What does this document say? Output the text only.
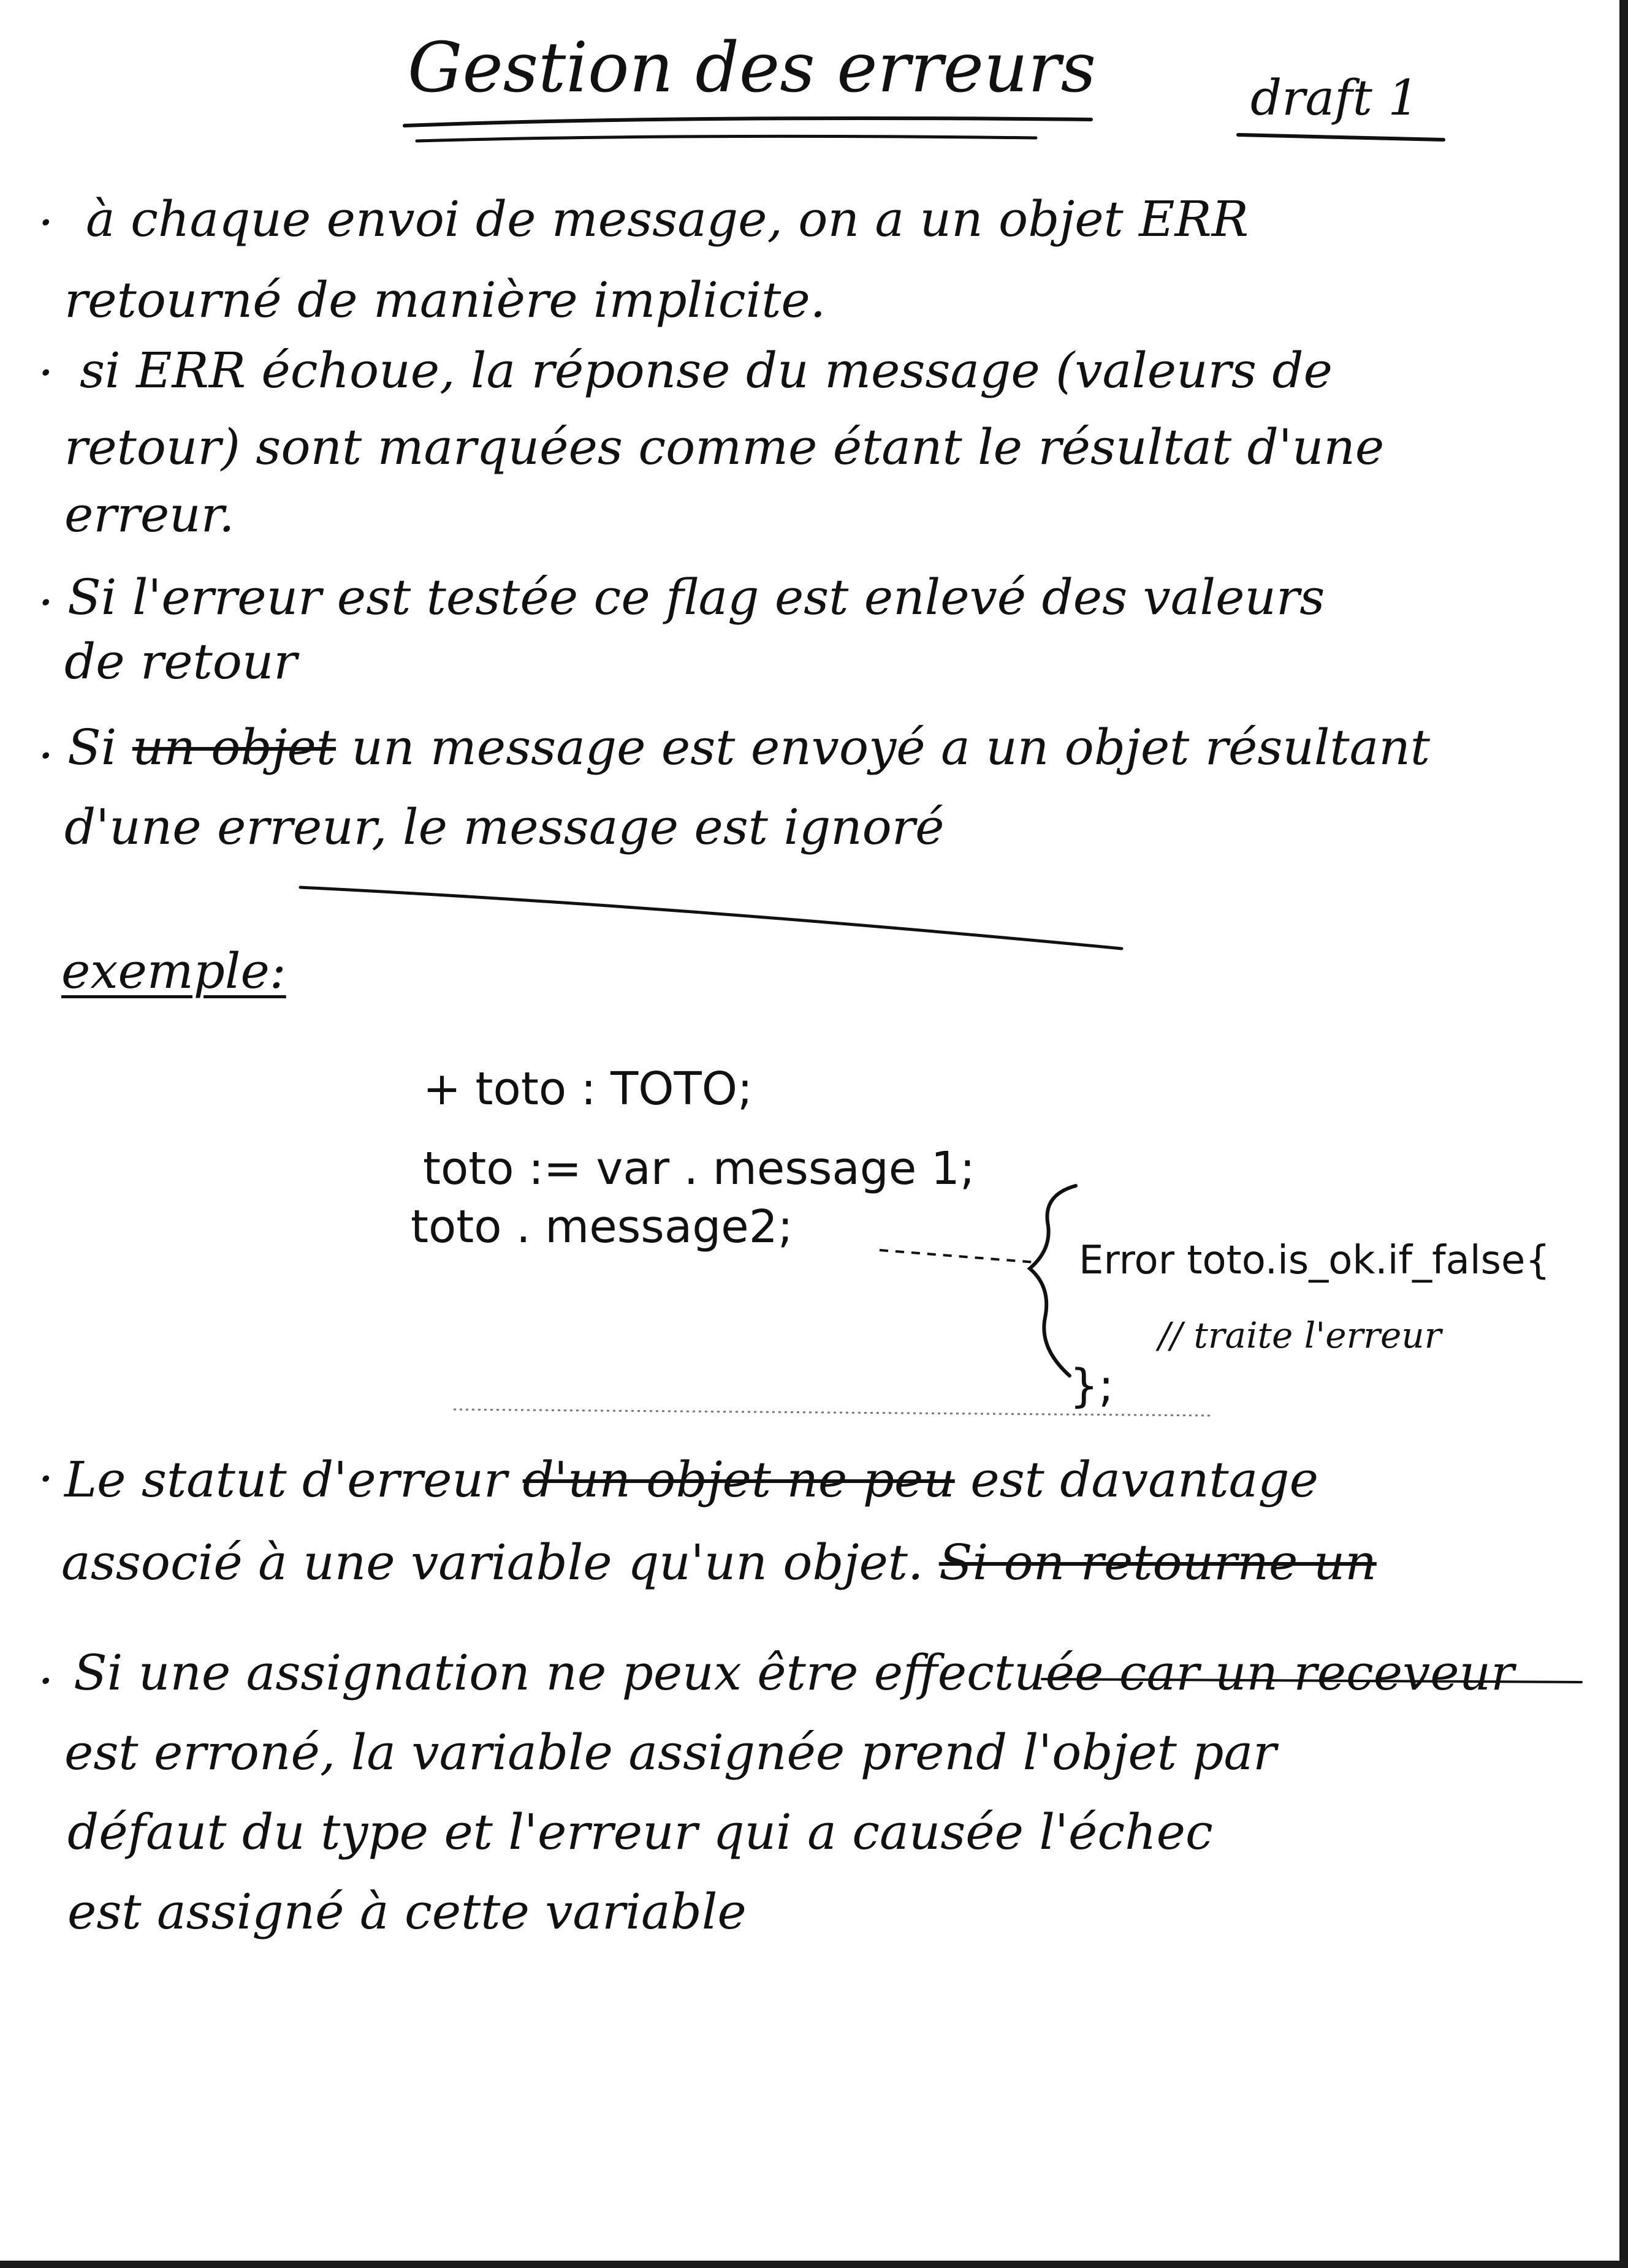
Gestion des erreurs	draft 1
. à chaque envoi de message, on a un objet ERR
retourné de manière implicite.
. si ERR échoue, la réponse du message (valeurs de
retour) sont marquées comme étant le résultat d'une
erreur.
. Si l'erreur est testée ce flag est enlevé des valeurs
de retour
. Si un objet un message est envoyé a un objet résultant
d'une erreur, le message est ignoré
exemple:
+ toto : TOTO;
toto := var . message 1;
toto . message2;
Error toto.is_ok.if_false{
// traite l'erreur
};
. Le statut d'erreur d'un objet ne peu est davantage
associé à une variable qu'un objet. Si on retourne un
. Si une assignation ne peux être effectuée car un receveur
est erroné, la variable assignée prend l'objet par
défaut du type et l'erreur qui a causée l'échec
est assigné à cette variable
